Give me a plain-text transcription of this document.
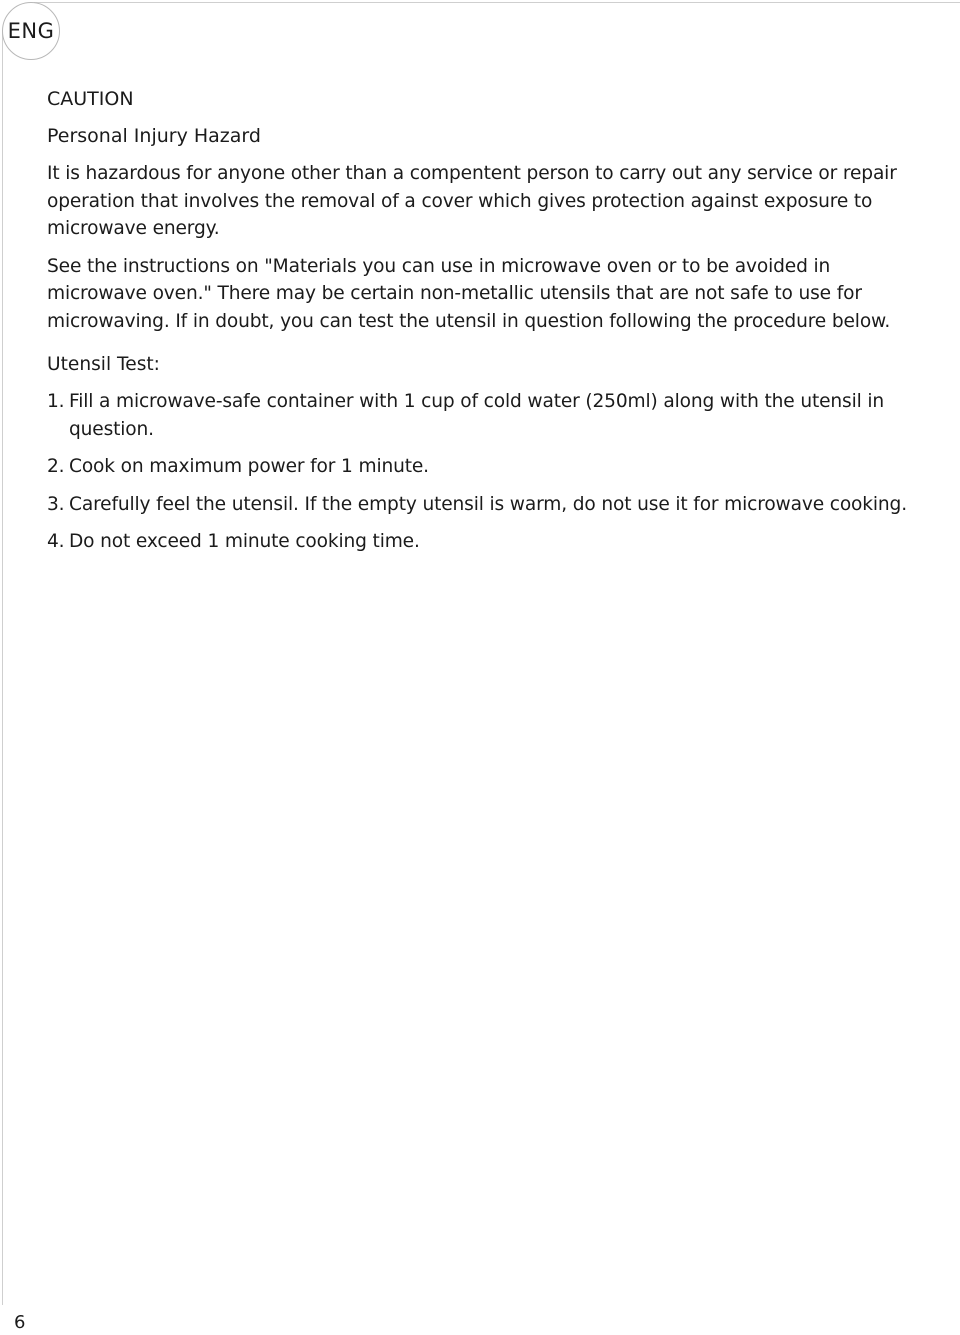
ENG
CAUTION
Personal Injury Hazard

It is hazardous for anyone other than a compentent person to carry out any service or repair operation that involves the removal of a cover which gives protection against exposure to microwave energy.

See the instructions on "Materials you can use in microwave oven or to be avoided in microwave oven." There may be certain non-metallic utensils that are not safe to use for microwaving. If in doubt, you can test the utensil in question following the procedure below.

Utensil Test:
1. Fill a microwave-safe container with 1 cup of cold water (250ml) along with the utensil in question.
2. Cook on maximum power for 1 minute.
3. Carefully feel the utensil. If the empty utensil is warm, do not use it for microwave cooking.
4. Do not exceed 1 minute cooking time.
6
